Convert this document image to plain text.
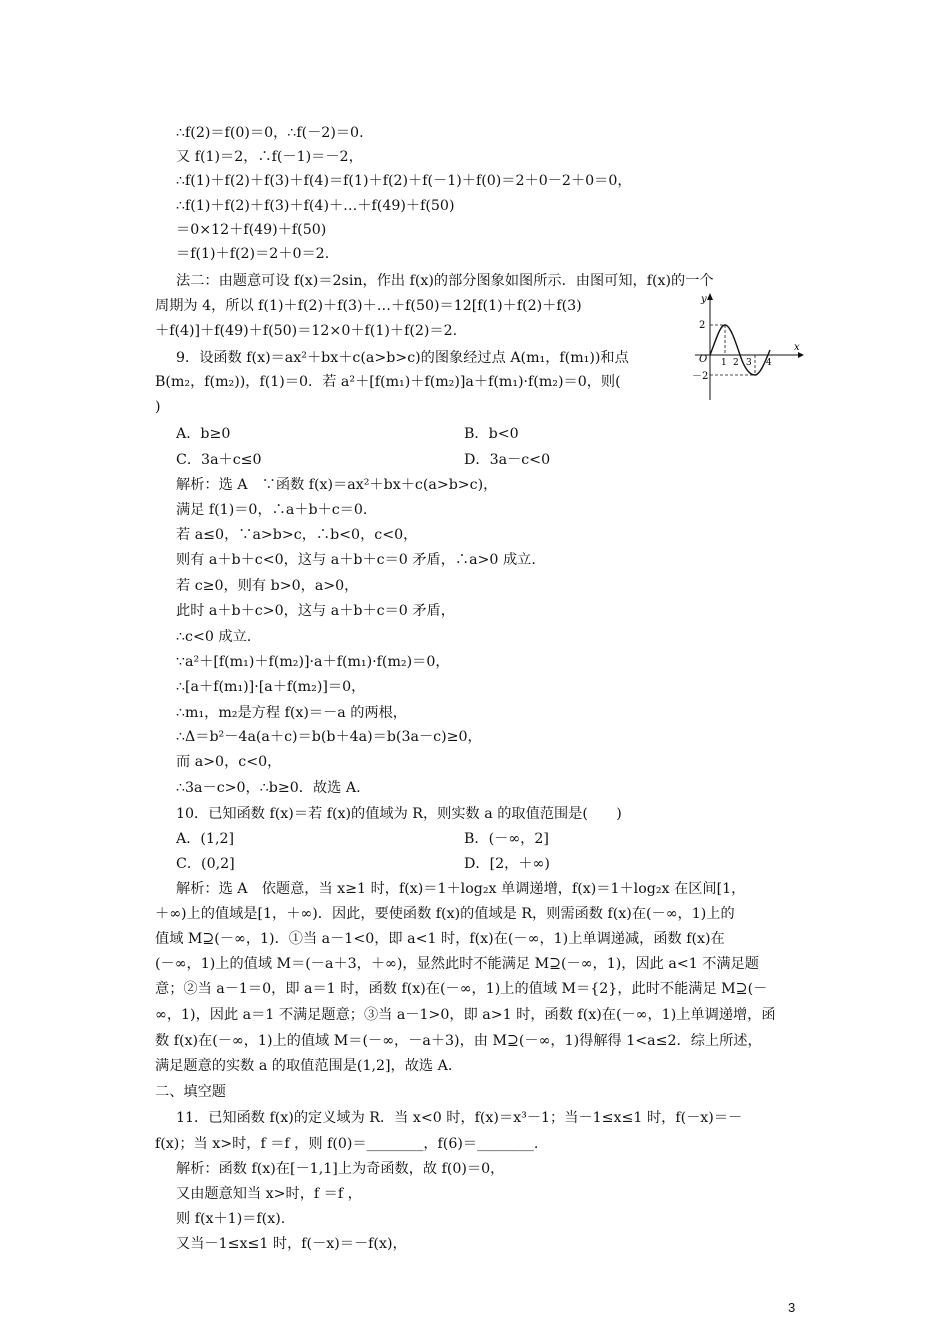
∴f(2)＝f(0)＝0，∴f(－2)＝0.
又 f(1)＝2，∴f(－1)＝－2，
∴f(1)＋f(2)＋f(3)＋f(4)＝f(1)＋f(2)＋f(－1)＋f(0)＝2＋0－2＋0＝0，
∴f(1)＋f(2)＋f(3)＋f(4)＋…＋f(49)＋f(50)
＝0×12＋f(49)＋f(50)
＝f(1)＋f(2)＝2＋0＝2.
法二：由题意可设 f(x)＝2sin，作出 f(x)的部分图象如图所示．由图可知，f(x)的一个
周期为 4，所以 f(1)＋f(2)＋f(3)＋…＋f(50)＝12[f(1)＋f(2)＋f(3)
＋f(4)]＋f(49)＋f(50)＝12×0＋f(1)＋f(2)＝2.
9．设函数 f(x)＝ax²＋bx＋c(a>b>c)的图象经过点 A(m₁，f(m₁))和点
B(m₂，f(m₂))，f(1)＝0．若 a²＋[f(m₁)＋f(m₂)]a＋f(m₁)·f(m₂)＝0，则(
)
A．b≥0	B．b<0
C．3a＋c≤0	D．3a－c<0
解析：选 A　∵函数 f(x)＝ax²＋bx＋c(a>b>c)，
满足 f(1)＝0，∴a＋b＋c＝0.
若 a≤0，∵a>b>c，∴b<0，c<0，
则有 a＋b＋c<0，这与 a＋b＋c＝0 矛盾，∴a>0 成立.
若 c≥0，则有 b>0，a>0，
此时 a＋b＋c>0，这与 a＋b＋c＝0 矛盾，
∴c<0 成立.
∵a²＋[f(m₁)＋f(m₂)]·a＋f(m₁)·f(m₂)＝0，
∴[a＋f(m₁)]·[a＋f(m₂)]＝0，
∴m₁，m₂是方程 f(x)＝－a 的两根，
∴Δ＝b²－4a(a＋c)＝b(b＋4a)＝b(3a－c)≥0，
而 a>0，c<0，
∴3a－c>0，∴b≥0．故选 A.
10．已知函数 f(x)＝若 f(x)的值域为 R，则实数 a 的取值范围是(　　)
A．(1,2]	B．(－∞，2]
C．(0,2]	D．[2，＋∞)
解析：选 A　依题意，当 x≥1 时，f(x)＝1＋log₂x 单调递增，f(x)＝1＋log₂x 在区间[1，
＋∞)上的值域是[1，＋∞)．因此，要使函数 f(x)的值域是 R，则需函数 f(x)在(－∞，1)上的
值域 M⊇(－∞，1)．①当 a－1<0，即 a<1 时，f(x)在(－∞，1)上单调递减，函数 f(x)在
(－∞，1)上的值域 M＝(－a＋3，＋∞)，显然此时不能满足 M⊇(－∞，1)，因此 a<1 不满足题
意；②当 a－1＝0，即 a＝1 时，函数 f(x)在(－∞，1)上的值域 M＝{2}，此时不能满足 M⊇(－
∞，1)，因此 a＝1 不满足题意；③当 a－1>0，即 a>1 时，函数 f(x)在(－∞，1)上单调递增，函
数 f(x)在(－∞，1)上的值域 M＝(－∞，－a＋3)，由 M⊇(－∞，1)得解得 1<a≤2．综上所述，
满足题意的实数 a 的取值范围是(1,2]，故选 A.
二、填空题
11．已知函数 f(x)的定义域为 R．当 x<0 时，f(x)＝x³－1；当－1≤x≤1 时，f(－x)＝－
f(x)；当 x>时，f ＝f ，则 f(0)＝________，f(6)＝________.
解析：函数 f(x)在[－1,1]上为奇函数，故 f(0)＝0，
又由题意知当 x>时，f ＝f ，
则 f(x＋1)＝f(x).
又当－1≤x≤1 时，f(－x)＝－f(x)，
y
x
O
2
－2
1 2 3 4
3
